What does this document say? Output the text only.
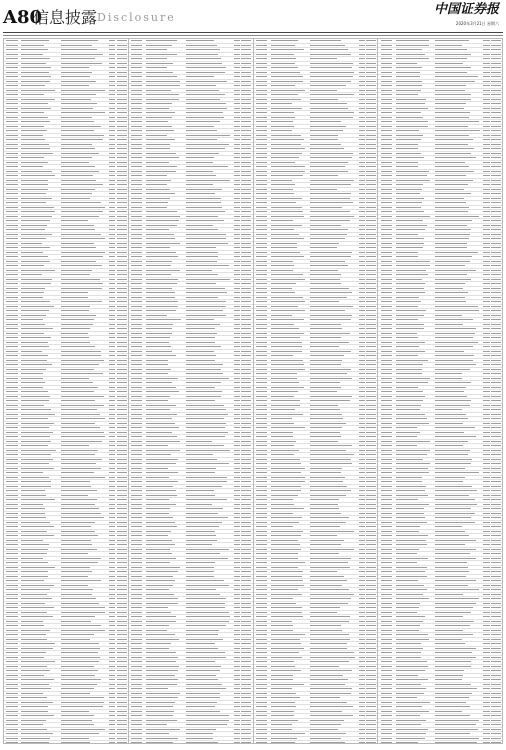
A80
信息披露 Disclosure
中国证券报
2020年3月21日 星期六
